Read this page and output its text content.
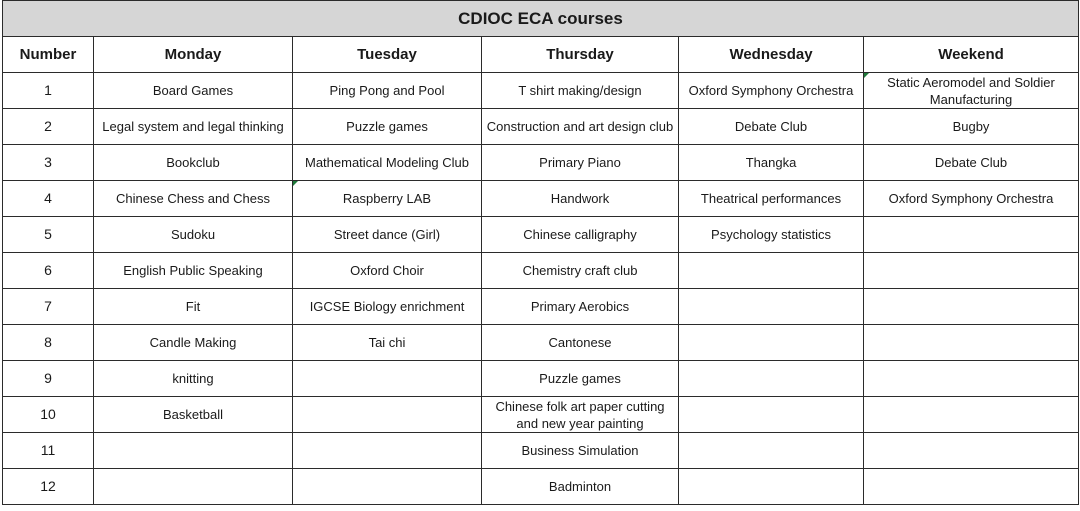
CDIOC ECA courses					
Number	Monday	Tuesday	Thursday	Wednesday	Weekend
1	Board Games	Ping Pong and Pool	T shirt making/design	Oxford Symphony Orchestra	Static Aeromodel and Soldier Manufacturing
2	Legal system and legal thinking	Puzzle games	Construction and art design club	Debate Club	Bugby
3	Bookclub	Mathematical Modeling Club	Primary Piano	Thangka	Debate Club
4	Chinese Chess and Chess	Raspberry LAB	Handwork	Theatrical performances	Oxford Symphony Orchestra
5	Sudoku	Street dance (Girl)	Chinese calligraphy	Psychology statistics	
6	English Public Speaking	Oxford Choir	Chemistry craft club		
7	Fit	IGCSE Biology enrichment	Primary Aerobics		
8	Candle Making	Tai chi	Cantonese		
9	knitting		Puzzle games		
10	Basketball		Chinese folk art paper cutting and new year painting		
11			Business Simulation		
12			Badminton		
